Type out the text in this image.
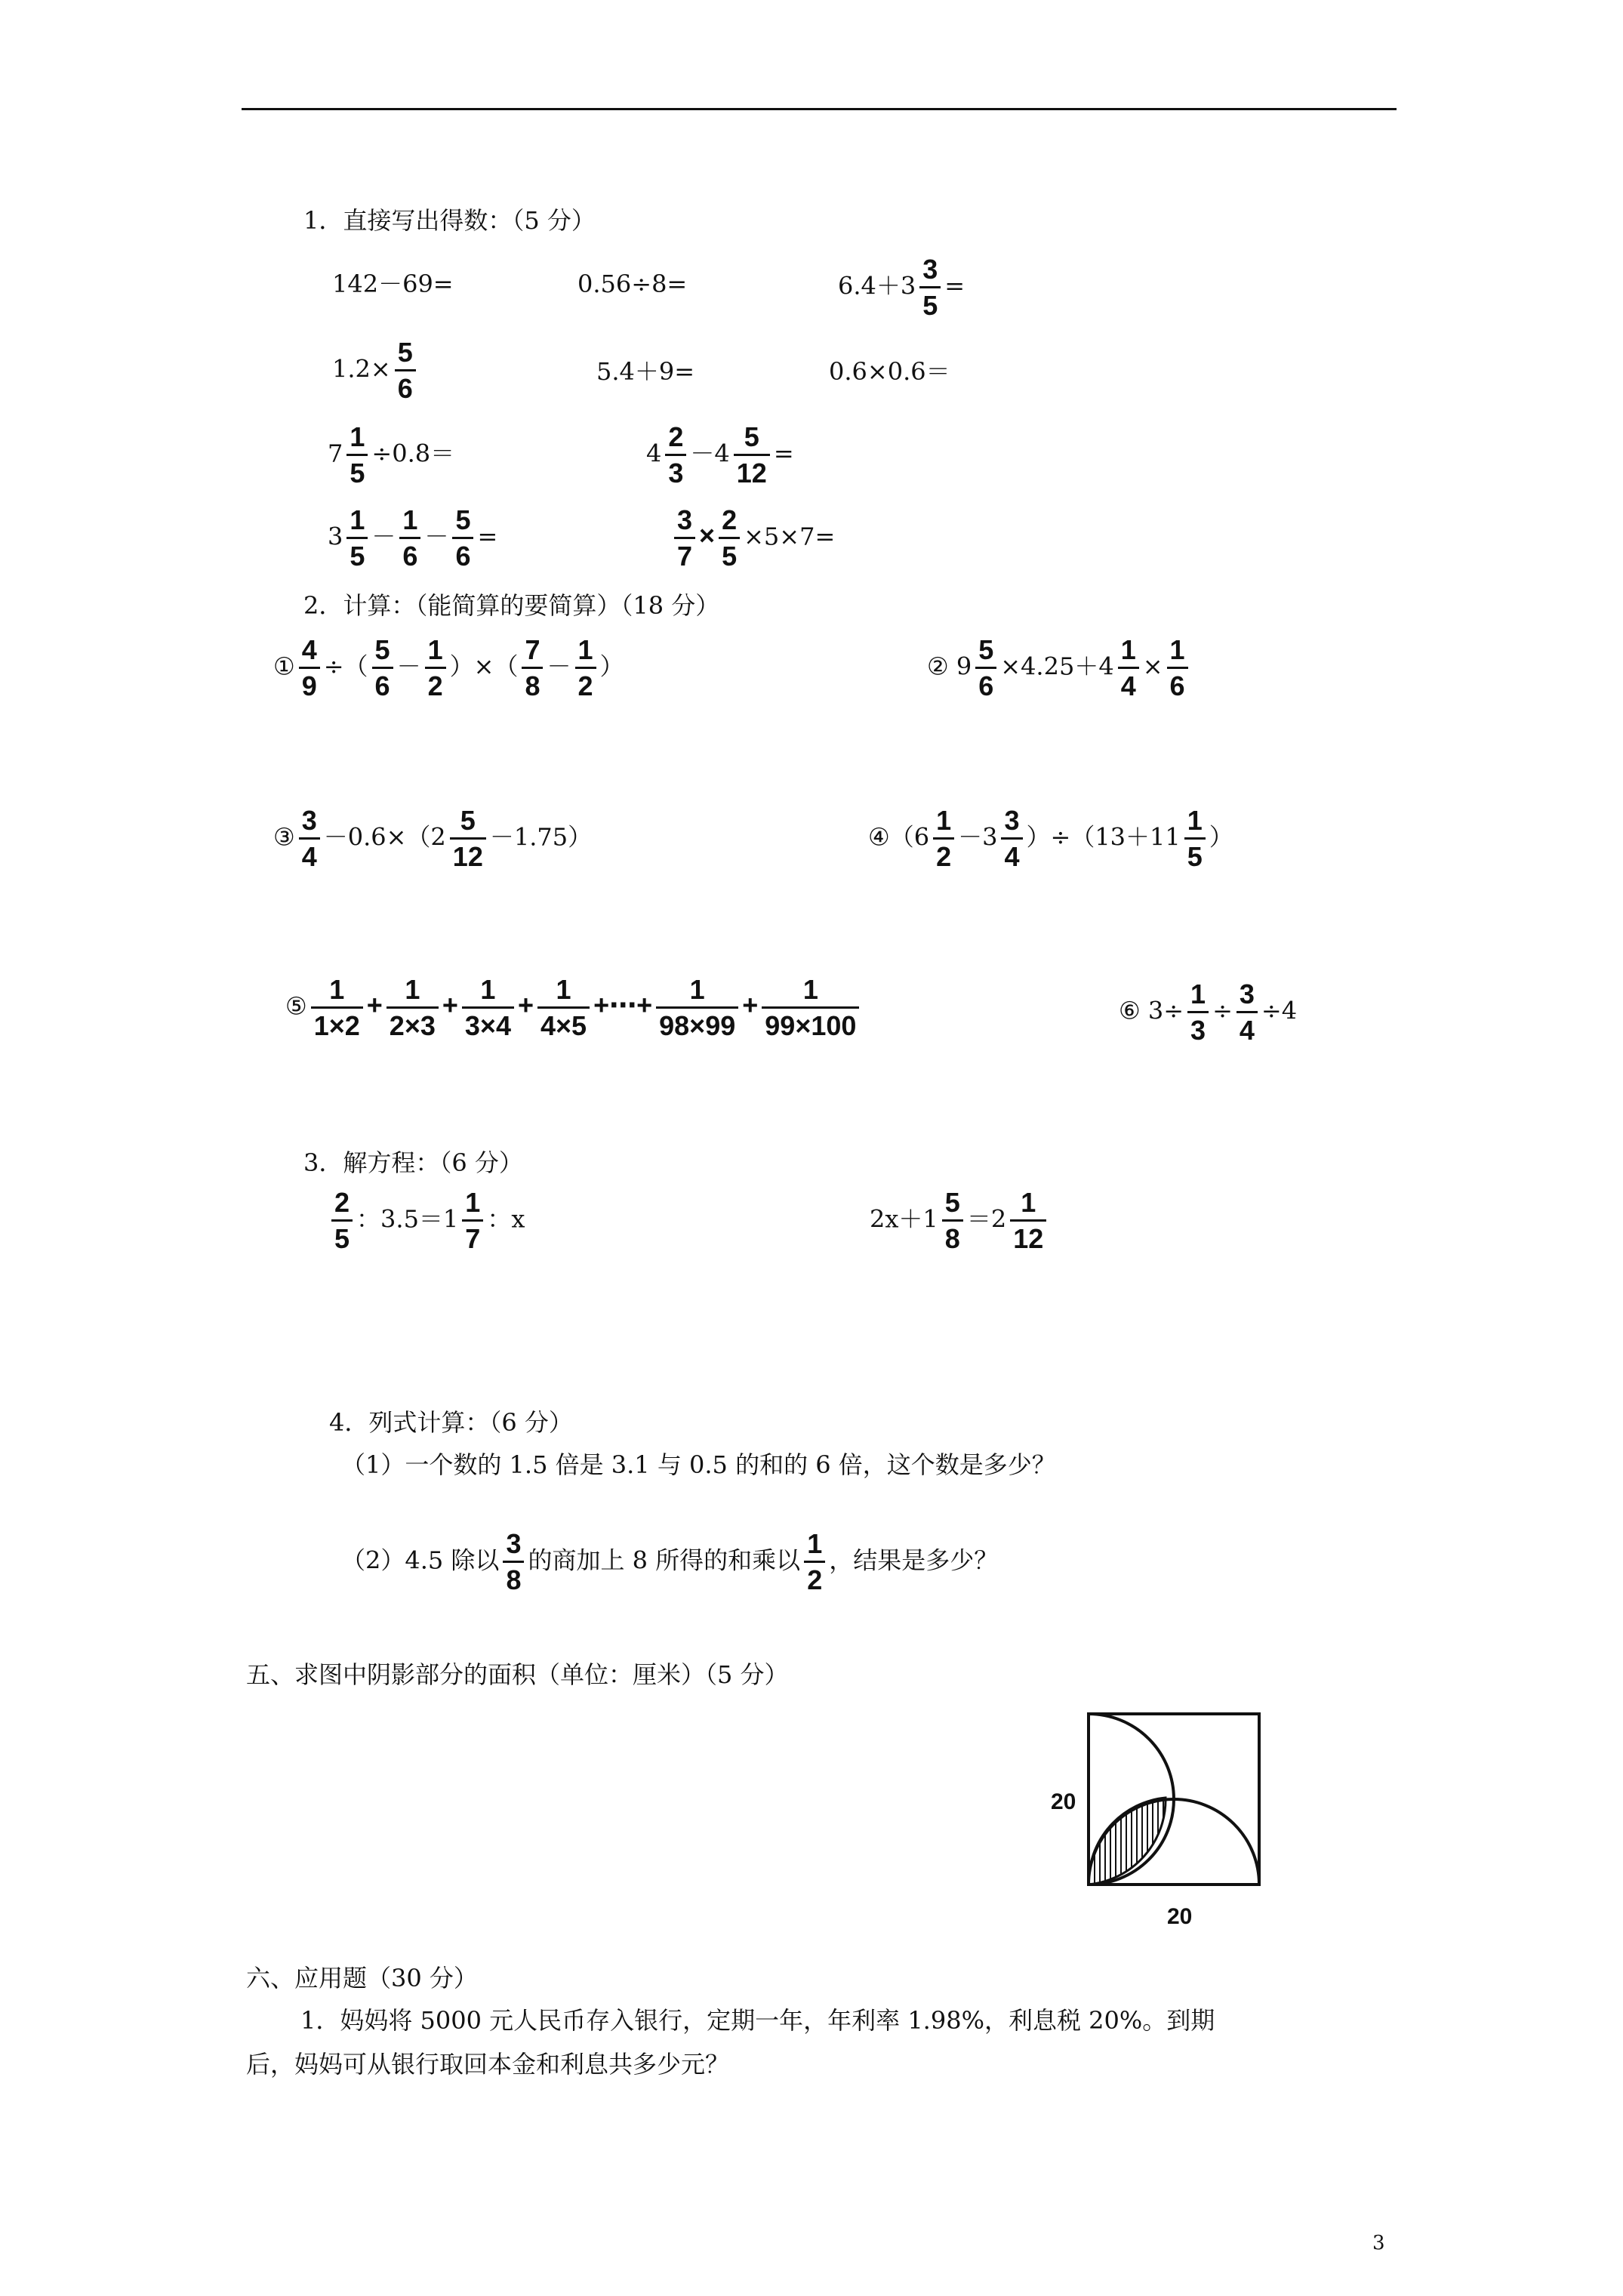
1．直接写出得数：（5 分）
142－69=	0.56÷8=	$6.4+3 \frac{3}{5}$ =
$1.2\times \frac{5}{6}$	5.4＋9=	0.6×0.6＝
$7 \frac{1}{5} \div 0.8=$	$4 \frac{2}{3} -4 \frac{5}{12}$ =
$3 \frac{1}{5} - \frac{1}{6} - \frac{5}{6}$ =	$\frac{3}{7} \times \frac{2}{5} \times 5\times 7=$
2．计算：（能简算的要简算）（18 分）
① $\frac{4}{9}$ ÷（ $\frac{5}{6} - \frac{1}{2}$ ）×（ $\frac{7}{8} - \frac{1}{2}$ ）	② $9 \frac{5}{6} \times 4.25+4 \frac{1}{4} \times \frac{1}{6}$
③ $\frac{3}{4} -0.6\times(2 \frac{5}{12} -1.75)$	④（6 $\frac{1}{2} -3 \frac{3}{4} )\div(13+11 \frac{1}{5}$ ）
⑤ $\frac{1}{1\times 2} + \frac{1}{2\times 3} + \frac{1}{3\times 4} + \frac{1}{4\times 5}$ +⋯+ $\frac{1}{98\times 99} + \frac{1}{99\times 100}$	⑥ $3\div \frac{1}{3} \div \frac{3}{4} \div 4$
3．解方程：（6 分）
$\frac{2}{5}$ ：$3.5=1 \frac{1}{7}$ ：x	$2x+1 \frac{5}{8} =2 \frac{1}{12}$
4．列式计算：（6 分）
（1）一个数的 1.5 倍是 3.1 与 0.5 的和的 6 倍，这个数是多少？
（2）4.5 除以 $\frac{3}{8}$ 的商加上 8 所得的和乘以 $\frac{1}{2}$ ，结果是多少？
五、求图中阴影部分的面积（单位：厘米）（5 分）
20
20
六、应用题（30 分）
1．妈妈将 5000 元人民币存入银行，定期一年，年利率 1.98%，利息税 20%。到期
后，妈妈可从银行取回本金和利息共多少元？
3
